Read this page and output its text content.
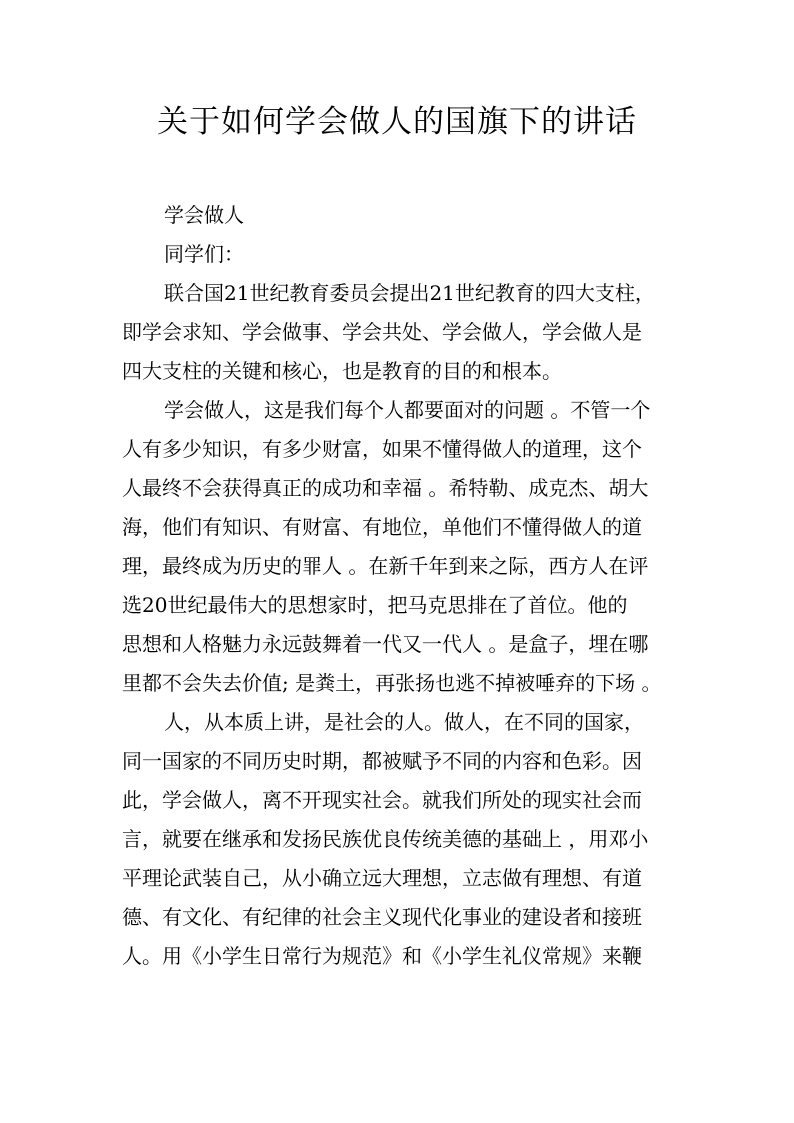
关于如何学会做人的国旗下的讲话
学会做人
同学们：
联合国21世纪教育委员会提出21世纪教育的四大支柱，
即学会求知、学会做事、学会共处、学会做人，学会做人是
四大支柱的关键和核心，也是教育的目的和根本。
学会做人，这是我们每个人都要面对的问题 。不管一个
人有多少知识，有多少财富，如果不懂得做人的道理，这个
人最终不会获得真正的成功和幸福 。希特勒、成克杰、胡大
海，他们有知识、有财富、有地位，单他们不懂得做人的道
理，最终成为历史的罪人 。在新千年到来之际，西方人在评
选20世纪最伟大的思想家时，把马克思排在了首位。他的
思想和人格魅力永远鼓舞着一代又一代人 。是盒子，埋在哪
里都不会失去价值; 是粪土，再张扬也逃不掉被唾弃的下场 。
人，从本质上讲，是社会的人。做人，在不同的国家，
同一国家的不同历史时期，都被赋予不同的内容和色彩。因
此，学会做人，离不开现实社会。就我们所处的现实社会而
言，就要在继承和发扬民族优良传统美德的基础上 ，用邓小
平理论武装自己，从小确立远大理想，立志做有理想、有道
德、有文化、有纪律的社会主义现代化事业的建设者和接班
人。用《小学生日常行为规范》和《小学生礼仪常规》来鞭
